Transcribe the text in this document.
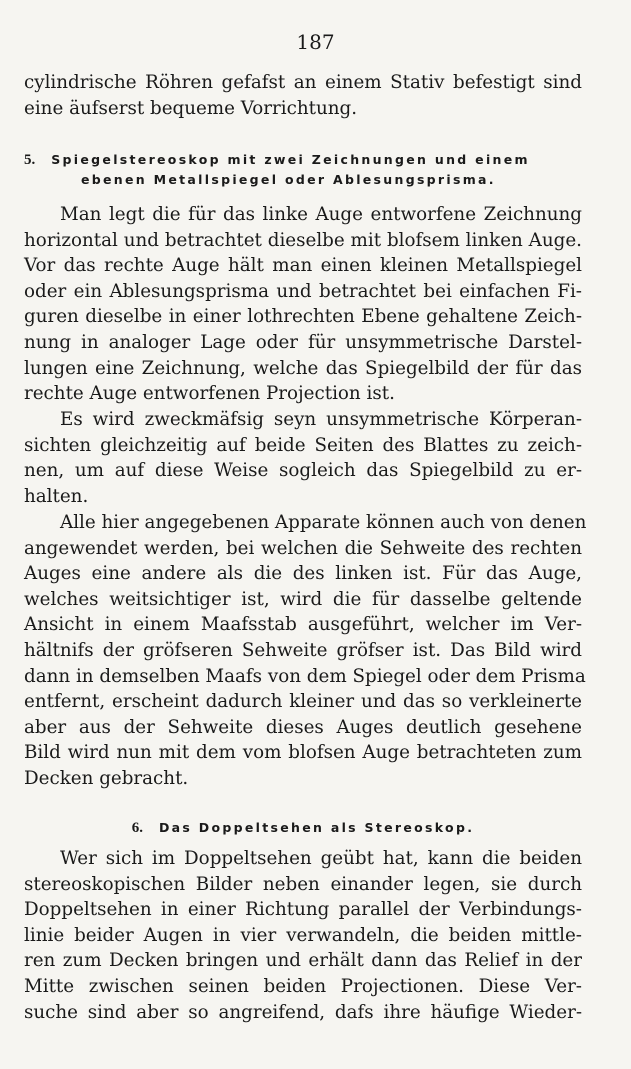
187
cylindrische Röhren gefafst an einem Stativ befestigt sind
eine äufserst bequeme Vorrichtung.
5. Spiegelstereoskop mit zwei Zeichnungen und einem
ebenen Metallspiegel oder Ablesungsprisma.
Man legt die für das linke Auge entworfene Zeichnung
horizontal und betrachtet dieselbe mit blofsem linken Auge.
Vor das rechte Auge hält man einen kleinen Metallspiegel
oder ein Ablesungsprisma und betrachtet bei einfachen Fi-
guren dieselbe in einer lothrechten Ebene gehaltene Zeich-
nung in analoger Lage oder für unsymmetrische Darstel-
lungen eine Zeichnung, welche das Spiegelbild der für das
rechte Auge entworfenen Projection ist.
Es wird zweckmäfsig seyn unsymmetrische Körperan-
sichten gleichzeitig auf beide Seiten des Blattes zu zeich-
nen, um auf diese Weise sogleich das Spiegelbild zu er-
halten.
Alle hier angegebenen Apparate können auch von denen
angewendet werden, bei welchen die Sehweite des rechten
Auges eine andere als die des linken ist. Für das Auge,
welches weitsichtiger ist, wird die für dasselbe geltende
Ansicht in einem Maafsstab ausgeführt, welcher im Ver-
hältnifs der gröfseren Sehweite gröfser ist. Das Bild wird
dann in demselben Maafs von dem Spiegel oder dem Prisma
entfernt, erscheint dadurch kleiner und das so verkleinerte
aber aus der Sehweite dieses Auges deutlich gesehene
Bild wird nun mit dem vom blofsen Auge betrachteten zum
Decken gebracht.
6. Das Doppeltsehen als Stereoskop.
Wer sich im Doppeltsehen geübt hat, kann die beiden
stereoskopischen Bilder neben einander legen, sie durch
Doppeltsehen in einer Richtung parallel der Verbindungs-
linie beider Augen in vier verwandeln, die beiden mittle-
ren zum Decken bringen und erhält dann das Relief in der
Mitte zwischen seinen beiden Projectionen. Diese Ver-
suche sind aber so angreifend, dafs ihre häufige Wieder-
